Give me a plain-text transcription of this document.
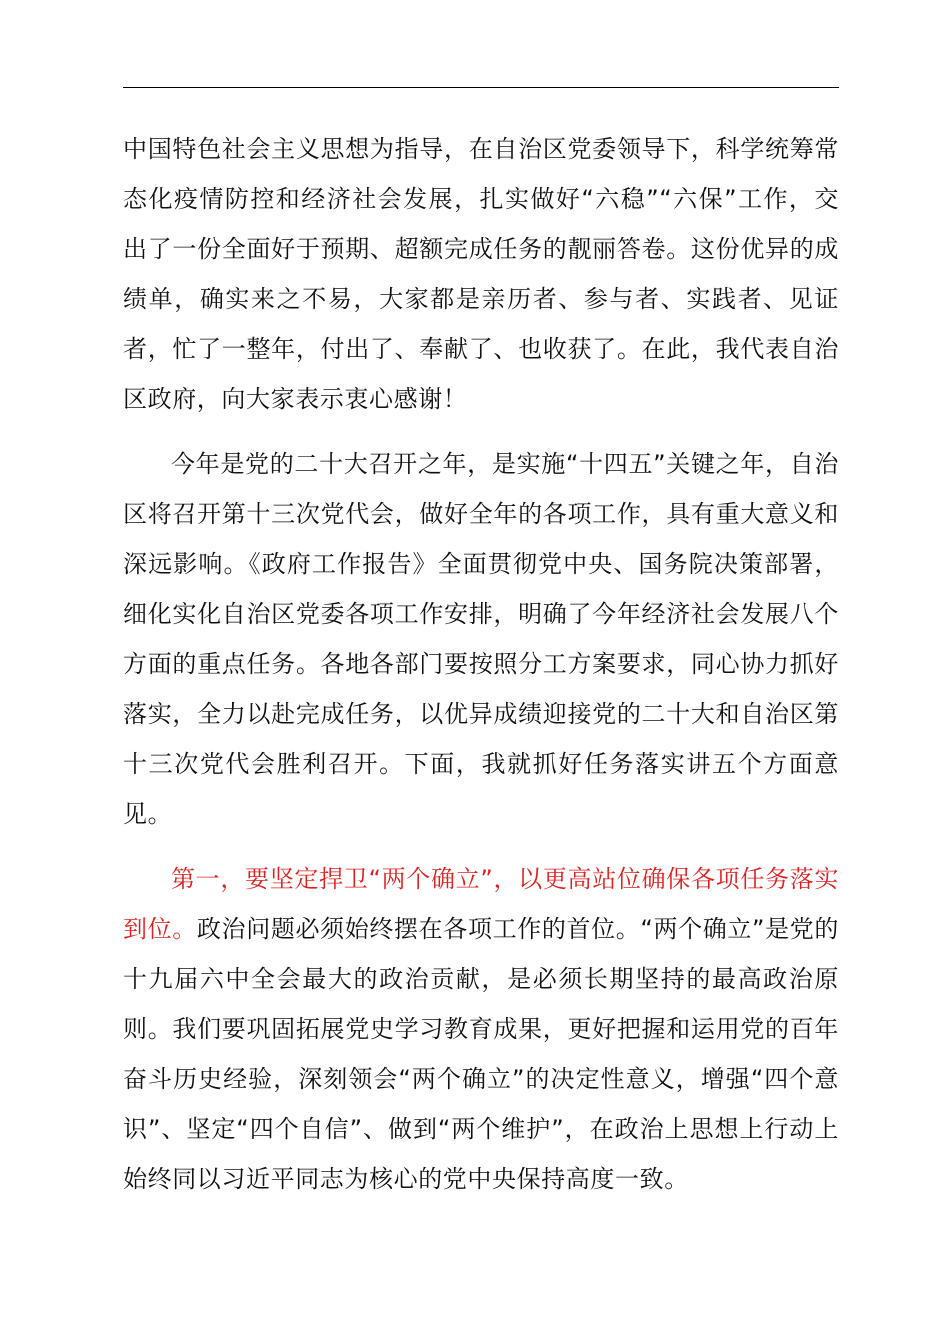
中国特色社会主义思想为指导，在自治区党委领导下，科学统筹常态化疫情防控和经济社会发展，扎实做好“六稳”“六保”工作，交出了一份全面好于预期、超额完成任务的靓丽答卷。这份优异的成绩单，确实来之不易，大家都是亲历者、参与者、实践者、见证者，忙了一整年，付出了、奉献了、也收获了。在此，我代表自治区政府，向大家表示衷心感谢！

今年是党的二十大召开之年，是实施“十四五”关键之年，自治区将召开第十三次党代会，做好全年的各项工作，具有重大意义和深远影响。《政府工作报告》全面贯彻党中央、国务院决策部署，细化实化自治区党委各项工作安排，明确了今年经济社会发展八个方面的重点任务。各地各部门要按照分工方案要求，同心协力抓好落实，全力以赴完成任务，以优异成绩迎接党的二十大和自治区第十三次党代会胜利召开。下面，我就抓好任务落实讲五个方面意见。

第一，要坚定捍卫“两个确立”，以更高站位确保各项任务落实到位。政治问题必须始终摆在各项工作的首位。“两个确立”是党的十九届六中全会最大的政治贡献，是必须长期坚持的最高政治原则。我们要巩固拓展党史学习教育成果，更好把握和运用党的百年奋斗历史经验，深刻领会“两个确立”的决定性意义，增强“四个意识”、坚定“四个自信”、做到“两个维护”，在政治上思想上行动上始终同以习近平同志为核心的党中央保持高度一致。
